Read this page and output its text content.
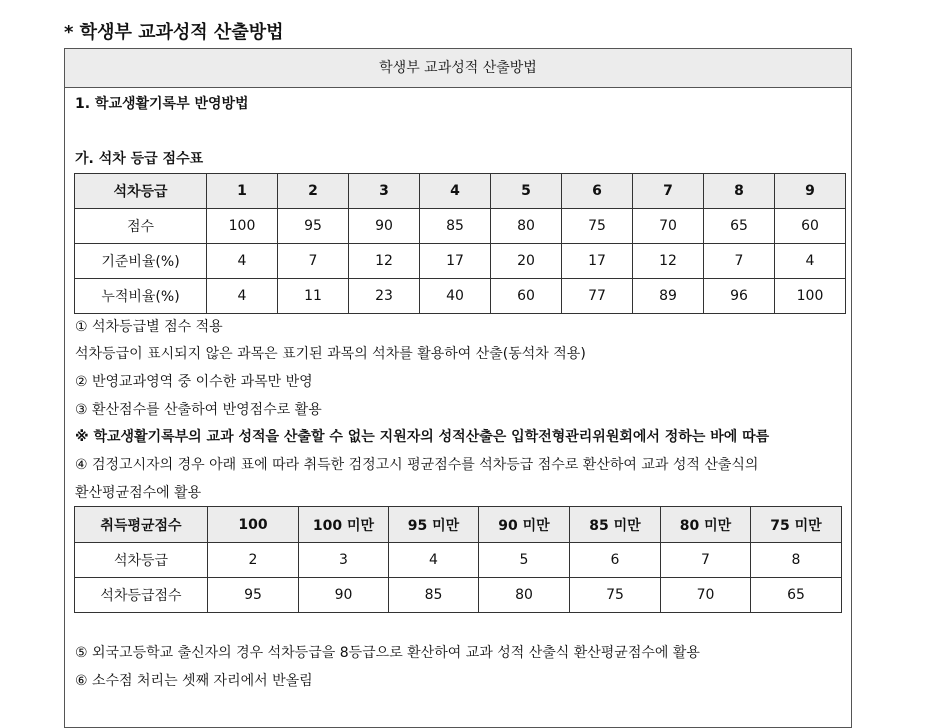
* 학생부 교과성적 산출방법
학생부 교과성적 산출방법
1. 학교생활기록부 반영방법
가. 석차 등급 점수표
석차등급	1	2	3	4	5	6	7	8	9
점수	100	95	90	85	80	75	70	65	60
기준비율(%)	4	7	12	17	20	17	12	7	4
누적비율(%)	4	11	23	40	60	77	89	96	100
① 석차등급별 점수 적용
석차등급이 표시되지 않은 과목은 표기된 과목의 석차를 활용하여 산출(동석차 적용)
② 반영교과영역 중 이수한 과목만 반영
③ 환산점수를 산출하여 반영점수로 활용
※ 학교생활기록부의 교과 성적을 산출할 수 없는 지원자의 성적산출은 입학전형관리위원회에서 정하는 바에 따름
④ 검정고시자의 경우 아래 표에 따라 취득한 검정고시 평균점수를 석차등급 점수로 환산하여 교과 성적 산출식의
환산평균점수에 활용
취득평균점수	100	100 미만	95 미만	90 미만	85 미만	80 미만	75 미만
석차등급	2	3	4	5	6	7	8
석차등급점수	95	90	85	80	75	70	65
⑤ 외국고등학교 출신자의 경우 석차등급을 8등급으로 환산하여 교과 성적 산출식 환산평균점수에 활용
⑥ 소수점 처리는 셋째 자리에서 반올림
